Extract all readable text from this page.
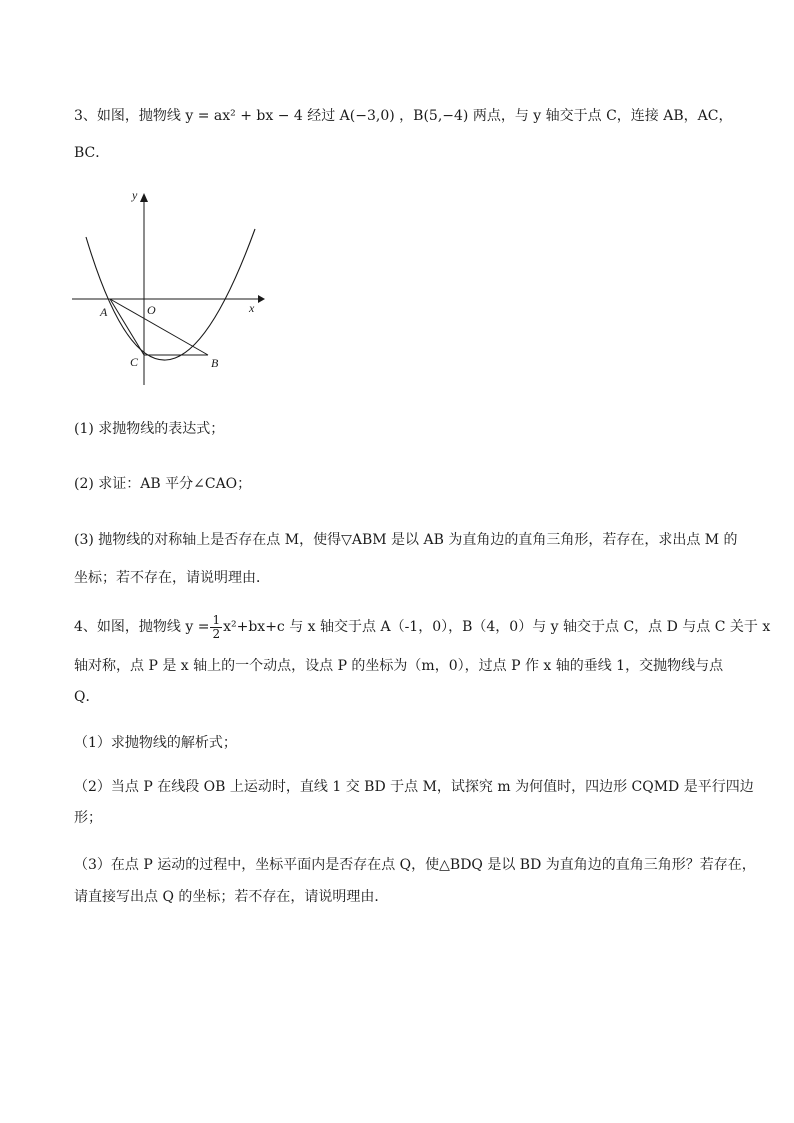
3、如图，抛物线 y = ax² + bx − 4 经过 A(−3,0) ，B(5,−4) 两点，与 y 轴交于点 C，连接 AB，AC，
BC．
y
x
O
A
C	B
(1) 求抛物线的表达式；
(2) 求证：AB 平分∠CAO；
(3) 抛物线的对称轴上是否存在点 M，使得▽ABM 是以 AB 为直角边的直角三角形，若存在，求出点 M 的
坐标；若不存在，请说明理由．
4、如图，抛物线 $y = \frac{1}{2} x^2+bx+c$ 与 x 轴交于点 A（-1，0），B（4，0）与 y 轴交于点 C，点 D 与点 C 关于 x
轴对称，点 P 是 x 轴上的一个动点，设点 P 的坐标为（m，0），过点 P 作 x 轴的垂线 1，交抛物线与点
Q．
（1）求抛物线的解析式；
（2）当点 P 在线段 OB 上运动时，直线 1 交 BD 于点 M，试探究 m 为何值时，四边形 CQMD 是平行四边
形；
（3）在点 P 运动的过程中，坐标平面内是否存在点 Q，使△BDQ 是以 BD 为直角边的直角三角形？若存在，
请直接写出点 Q 的坐标；若不存在，请说明理由．
